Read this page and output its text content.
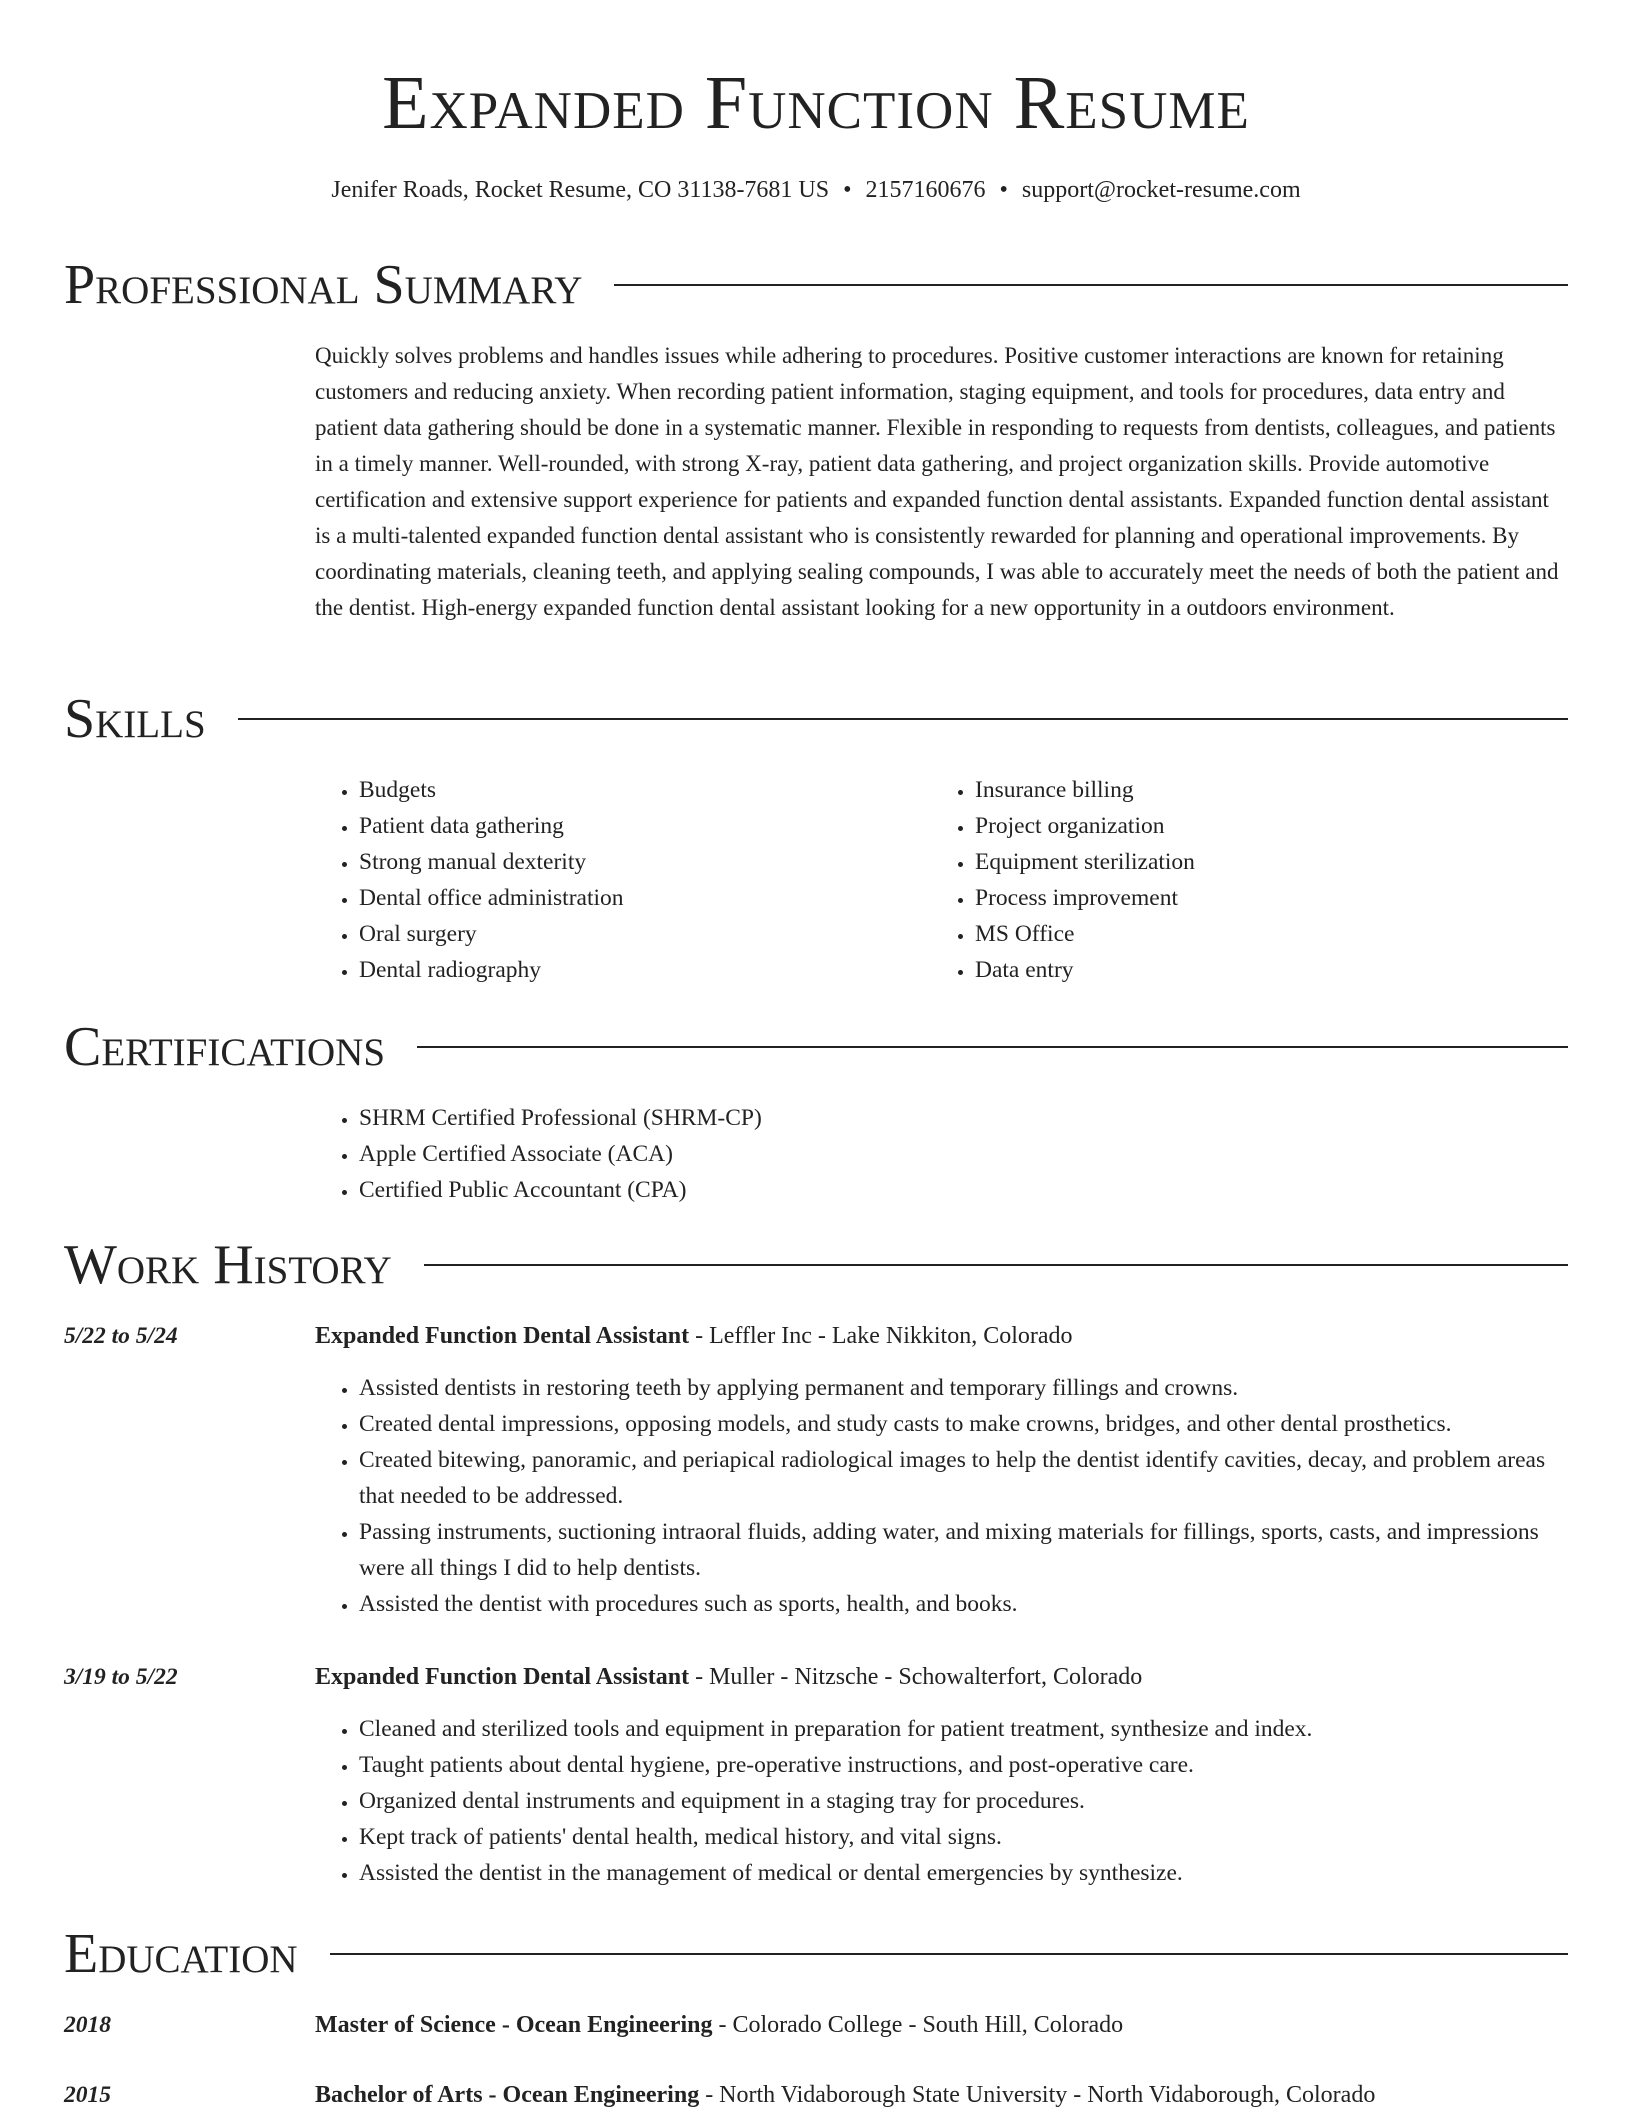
Expanded Function Resume
Jenifer Roads, Rocket Resume, CO 31138-7681 US • 2157160676 • support@rocket-resume.com
Professional Summary

Quickly solves problems and handles issues while adhering to procedures. Positive customer interactions are known for retaining customers and reducing anxiety. When recording patient information, staging equipment, and tools for procedures, data entry and patient data gathering should be done in a systematic manner. Flexible in responding to requests from dentists, colleagues, and patients in a timely manner. Well-rounded, with strong X-ray, patient data gathering, and project organization skills. Provide automotive certification and extensive support experience for patients and expanded function dental assistants. Expanded function dental assistant is a multi-talented expanded function dental assistant who is consistently rewarded for planning and operational improvements. By coordinating materials, cleaning teeth, and applying sealing compounds, I was able to accurately meet the needs of both the patient and the dentist. High-energy expanded function dental assistant looking for a new opportunity in a outdoors environment.

Skills
• Budgets
• Patient data gathering
• Strong manual dexterity
• Dental office administration
• Oral surgery
• Dental radiography
• Insurance billing
• Project organization
• Equipment sterilization
• Process improvement
• MS Office
• Data entry
Certifications
• SHRM Certified Professional (SHRM-CP)
• Apple Certified Associate (ACA)
• Certified Public Accountant (CPA)
Work History
5/22 to 5/24	Expanded Function Dental Assistant - Leffler Inc - Lake Nikkiton, Colorado
• Assisted dentists in restoring teeth by applying permanent and temporary fillings and crowns.
• Created dental impressions, opposing models, and study casts to make crowns, bridges, and other dental prosthetics.
• Created bitewing, panoramic, and periapical radiological images to help the dentist identify cavities, decay, and problem areas that needed to be addressed.
• Passing instruments, suctioning intraoral fluids, adding water, and mixing materials for fillings, sports, casts, and impressions were all things I did to help dentists.
• Assisted the dentist with procedures such as sports, health, and books.
3/19 to 5/22	Expanded Function Dental Assistant - Muller - Nitzsche - Schowalterfort, Colorado
• Cleaned and sterilized tools and equipment in preparation for patient treatment, synthesize and index.
• Taught patients about dental hygiene, pre-operative instructions, and post-operative care.
• Organized dental instruments and equipment in a staging tray for procedures.
• Kept track of patients' dental health, medical history, and vital signs.
• Assisted the dentist in the management of medical or dental emergencies by synthesize.
Education
2018	Master of Science - Ocean Engineering - Colorado College - South Hill, Colorado
2015	Bachelor of Arts - Ocean Engineering - North Vidaborough State University - North Vidaborough, Colorado
